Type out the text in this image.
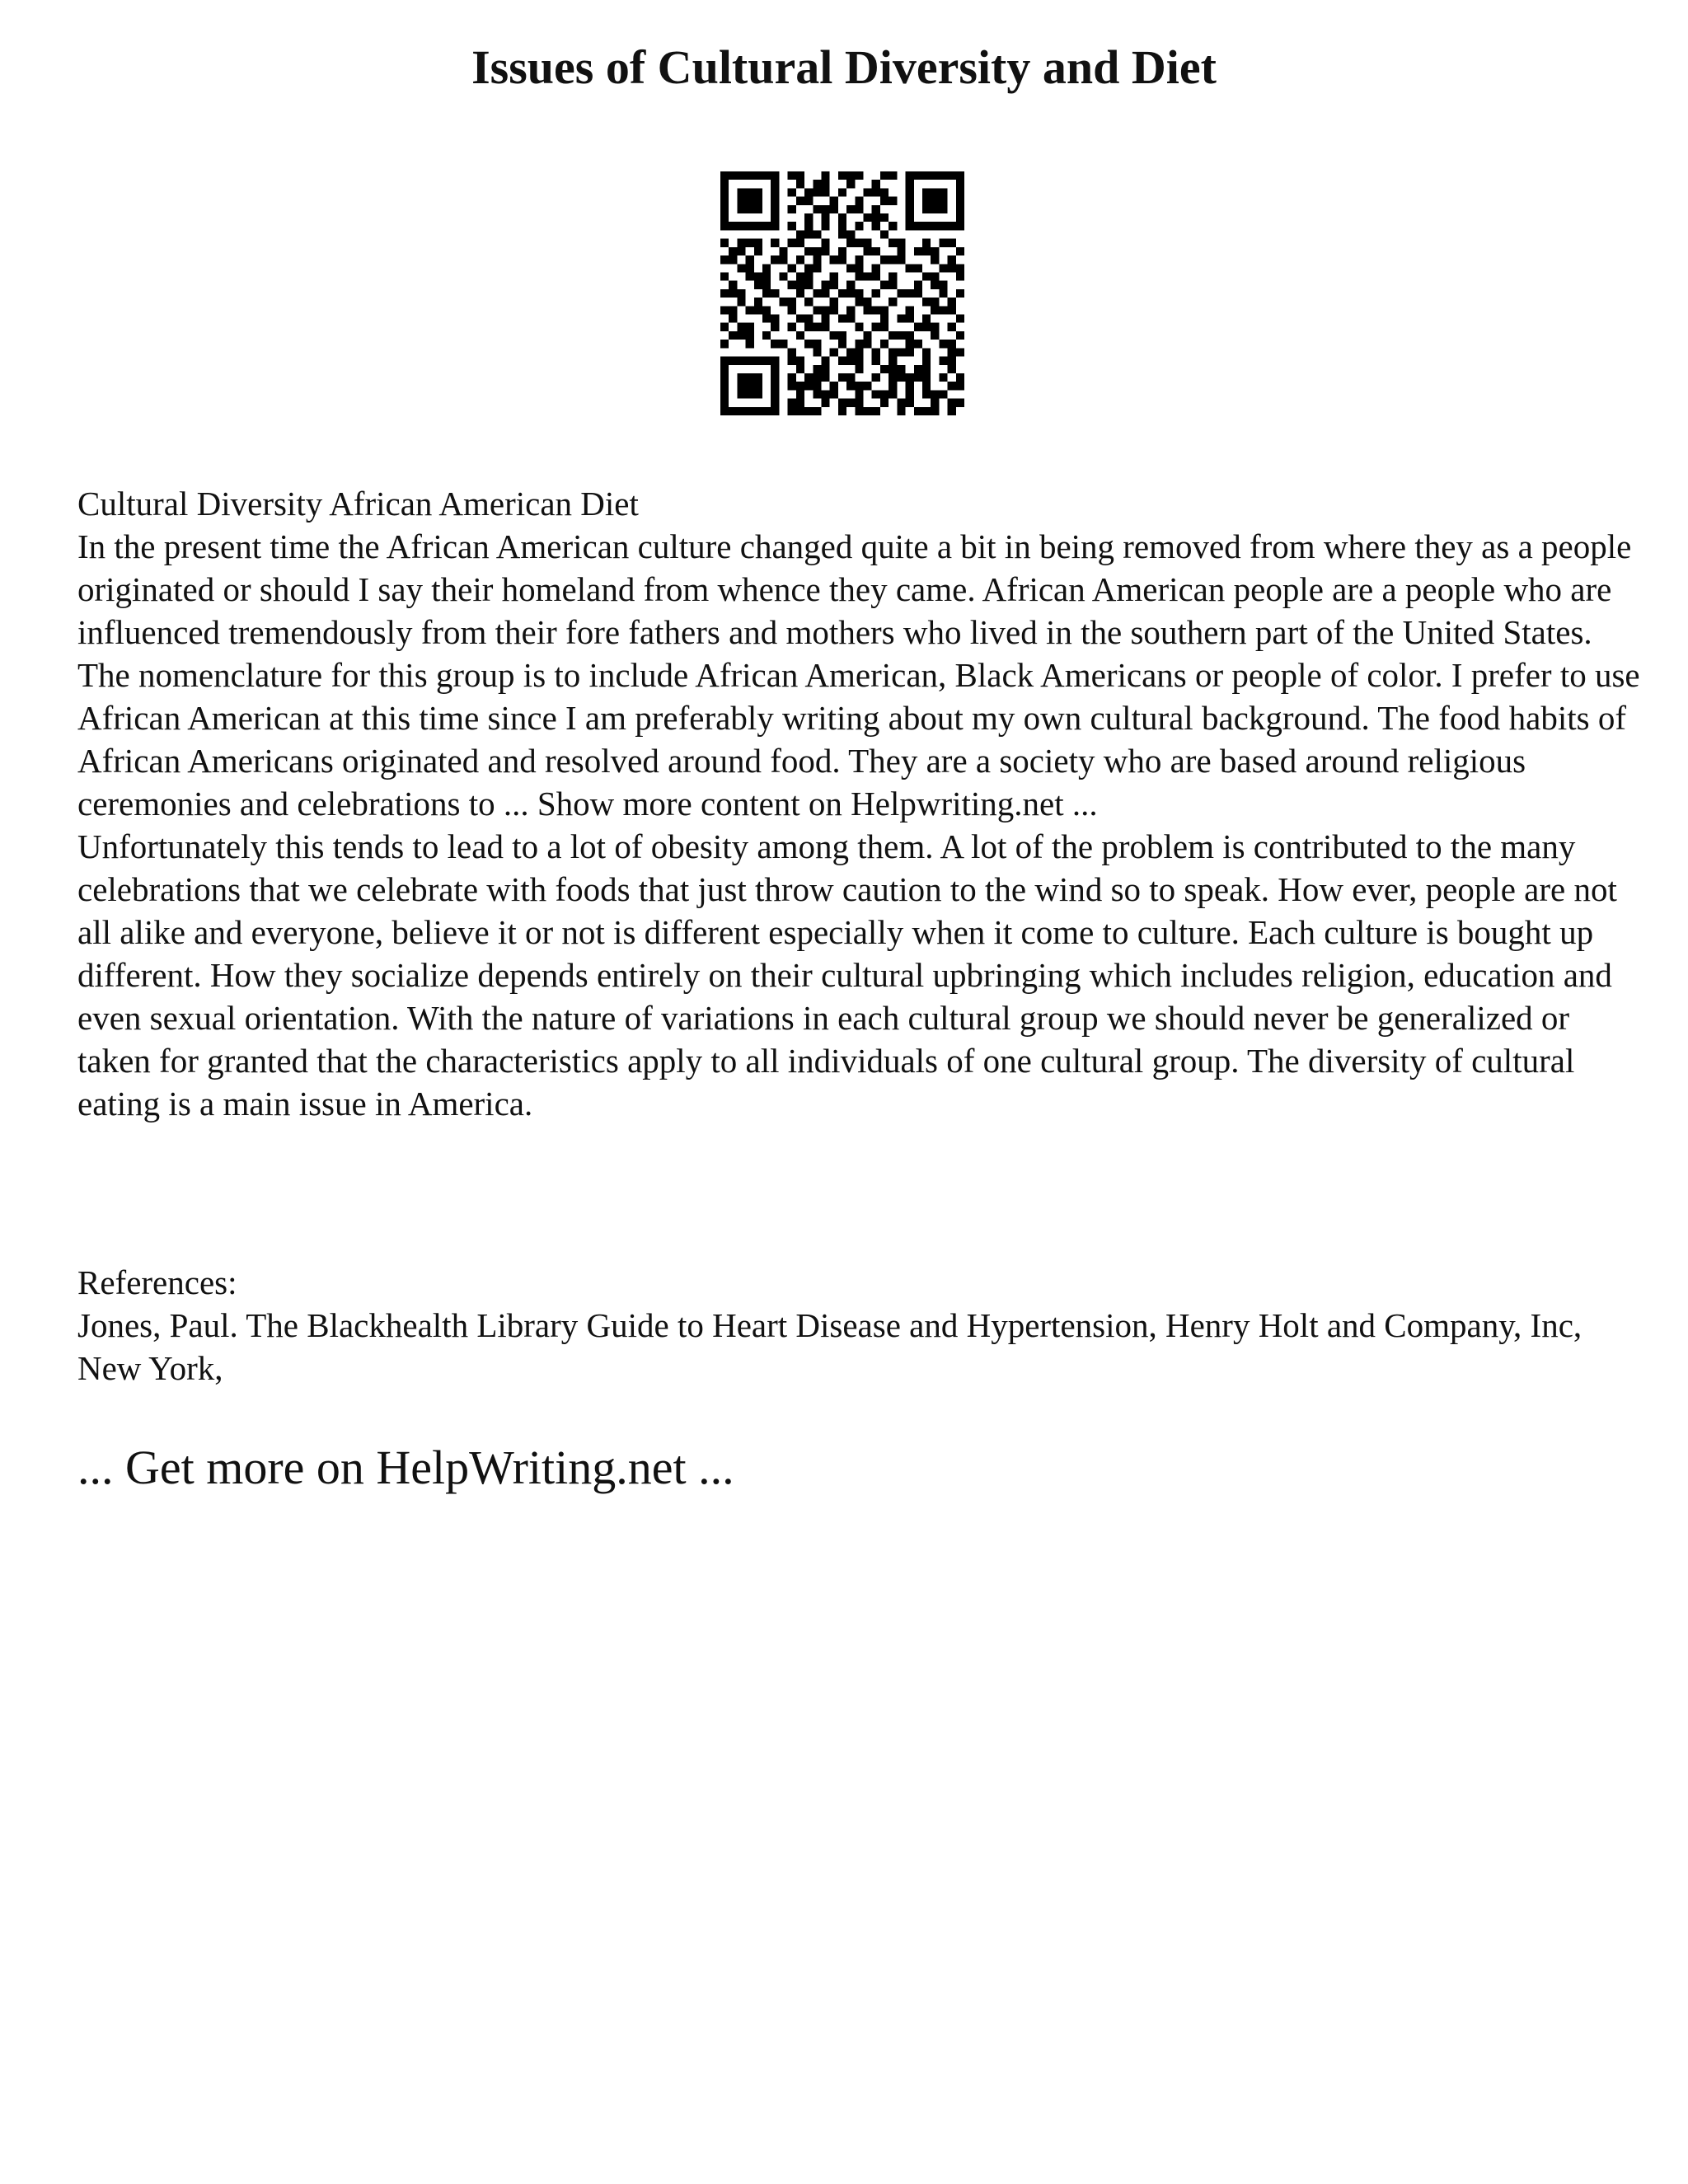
Issues of Cultural Diversity and Diet

Cultural Diversity African American Diet

In the present time the African American culture changed quite a bit in being removed from where they as a people originated or should I say their homeland from whence they came. African American people are a people who are influenced tremendously from their fore fathers and mothers who lived in the southern part of the United States. The nomenclature for this group is to include African American, Black Americans or people of color. I prefer to use African American at this time since I am preferably writing about my own cultural background. The food habits of African Americans originated and resolved around food. They are a society who are based around religious ceremonies and celebrations to ... Show more content on Helpwriting.net ...

Unfortunately this tends to lead to a lot of obesity among them. A lot of the problem is contributed to the many celebrations that we celebrate with foods that just throw caution to the wind so to speak. How ever, people are not all alike and everyone, believe it or not is different especially when it come to culture. Each culture is bought up different. How they socialize depends entirely on their cultural upbringing which includes religion, education and even sexual orientation. With the nature of variations in each cultural group we should never be generalized or taken for granted that the characteristics apply to all individuals of one cultural group. The diversity of cultural eating is a main issue in America.

References:

Jones, Paul. The Blackhealth Library Guide to Heart Disease and Hypertension, Henry Holt and Company, Inc, New York,

... Get more on HelpWriting.net ...
